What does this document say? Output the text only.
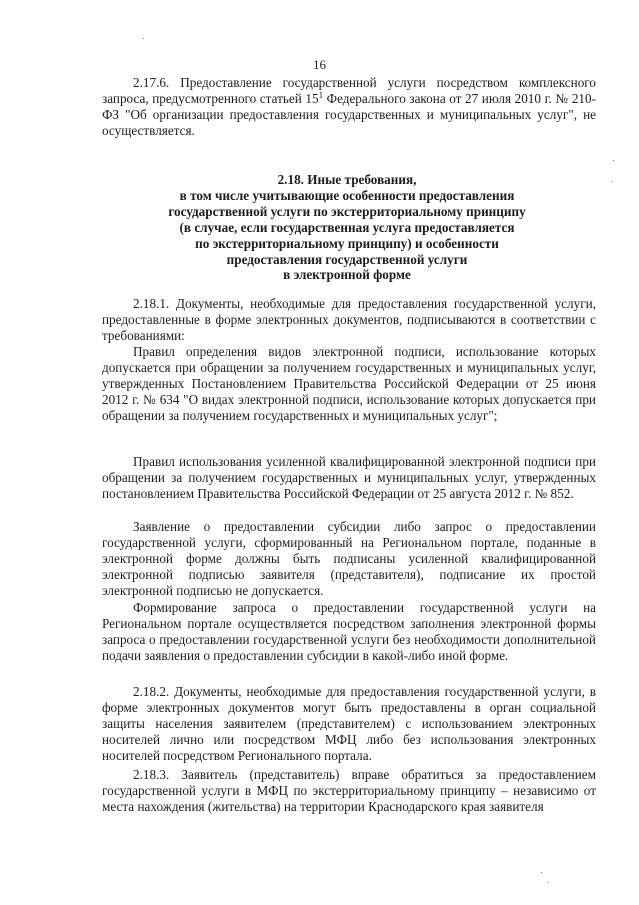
16

2.17.6. Предоставление государственной услуги посредством комплексного запроса, предусмотренного статьей $15^1$ Федерального закона от 27 июля 2010 г. № 210-ФЗ "Об организации предоставления государственных и муниципальных услуг", не осуществляется.

2.18. Иные требования,
в том числе учитывающие особенности предоставления
государственной услуги по экстерриториальному принципу
(в случае, если государственная услуга предоставляется
по экстерриториальному принципу) и особенности
предоставления государственной услуги
в электронной форме

2.18.1. Документы, необходимые для предоставления государственной услуги, предоставленные в форме электронных документов, подписываются в соответствии с требованиями:

Правил определения видов электронной подписи, использование которых допускается при обращении за получением государственных и муниципальных услуг, утвержденных Постановлением Правительства Российской Федерации от 25 июня 2012 г. № 634 "О видах электронной подписи, использование которых допускается при обращении за получением государственных и муниципальных услуг";

Правил использования усиленной квалифицированной электронной подписи при обращении за получением государственных и муниципальных услуг, утвержденных постановлением Правительства Российской Федерации от 25 августа 2012 г. № 852.

Заявление о предоставлении субсидии либо запрос о предоставлении государственной услуги, сформированный на Региональном портале, поданные в электронной форме должны быть подписаны усиленной квалифицированной электронной подписью заявителя (представителя), подписание их простой электронной подписью не допускается.

Формирование запроса о предоставлении государственной услуги на Региональном портале осуществляется посредством заполнения электронной формы запроса о предоставлении государственной услуги без необходимости дополнительной подачи заявления о предоставлении субсидии в какой-либо иной форме.

2.18.2. Документы, необходимые для предоставления государственной услуги, в форме электронных документов могут быть предоставлены в орган социальной защиты населения заявителем (представителем) с использованием электронных носителей лично или посредством МФЦ либо без использования электронных носителей посредством Регионального портала.

2.18.3. Заявитель (представитель) вправе обратиться за предоставлением государственной услуги в МФЦ по экстерриториальному принципу – независимо от места нахождения (жительства) на территории Краснодарского края заявителя
